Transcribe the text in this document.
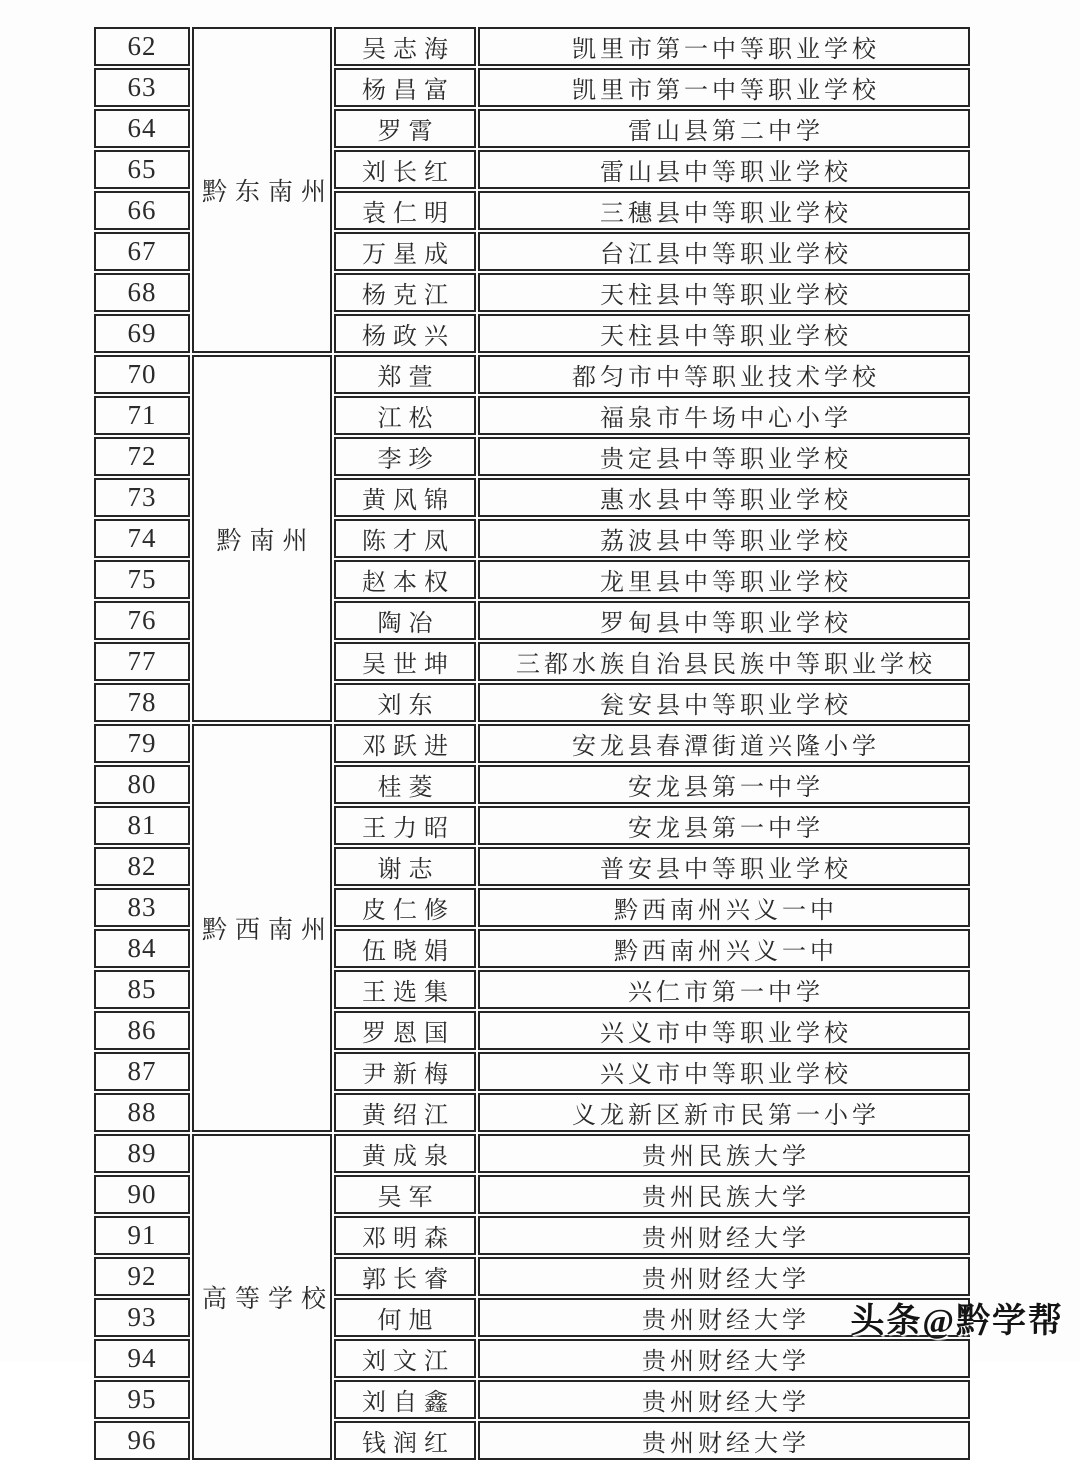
62	黔东南州	吴志海	凯里市第一中等职业学校
63		杨昌富	凯里市第一中等职业学校
64		罗霄	雷山县第二中学
65		刘长红	雷山县中等职业学校
66		袁仁明	三穗县中等职业学校
67		万星成	台江县中等职业学校
68		杨克江	天柱县中等职业学校
69		杨政兴	天柱县中等职业学校
70	黔南州	郑萱	都匀市中等职业技术学校
71		江松	福泉市牛场中心小学
72		李珍	贵定县中等职业学校
73		黄风锦	惠水县中等职业学校
74		陈才凤	荔波县中等职业学校
75		赵本权	龙里县中等职业学校
76		陶冶	罗甸县中等职业学校
77		吴世坤	三都水族自治县民族中等职业学校
78		刘东	瓮安县中等职业学校
79	黔西南州	邓跃进	安龙县春潭街道兴隆小学
80		桂菱	安龙县第一中学
81		王力昭	安龙县第一中学
82		谢志	普安县中等职业学校
83		皮仁修	黔西南州兴义一中
84		伍晓娟	黔西南州兴义一中
85		王选集	兴仁市第一中学
86		罗恩国	兴义市中等职业学校
87		尹新梅	兴义市中等职业学校
88		黄绍江	义龙新区新市民第一小学
89	高等学校	黄成泉	贵州民族大学
90		吴军	贵州民族大学
91		邓明森	贵州财经大学
92		郭长睿	贵州财经大学
93		何旭	贵州财经大学
94		刘文江	贵州财经大学
95		刘自鑫	贵州财经大学
96		钱润红	贵州财经大学
头条@黔学帮
